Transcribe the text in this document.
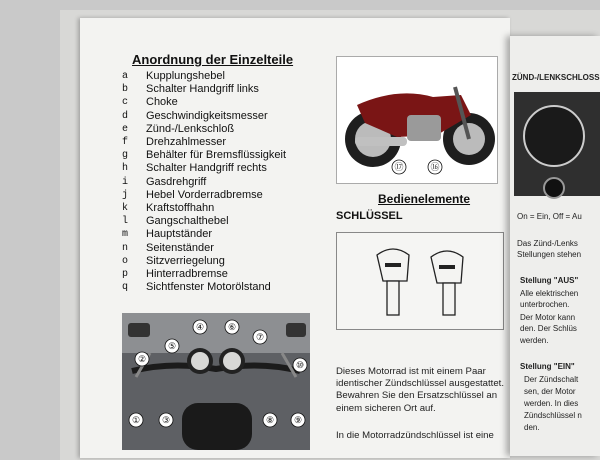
Anordnung der Einzelteile
a	Kupplungshebel
b	Schalter Handgriff links
c	Choke
d	Geschwindigkeitsmesser
e	Zünd-/Lenkschloß
f	Drehzahlmesser
g	Behälter für Bremsflüssigkeit
h	Schalter Handgriff rechts
i	Gasdrehgriff
j	Hebel Vorderradbremse
k	Kraftstoffhahn
l	Gangschalthebel
m	Hauptständer
n	Seitenständer
o	Sitzverriegelung
p	Hinterradbremse
q	Sichtfenster Motorölstand
①
②
③
④
⑤
⑥
⑦
⑧ ⑨
⑩
⑰	⑯
Bedienelemente
SCHLÜSSEL

Dieses Motorrad ist mit einem Paar identischer Zündschlüssel ausgestattet. Bewahren Sie den Ersatzschlüssel an einem sicheren Ort auf.

In die Motorradzündschlüssel ist eine

ZÜND-/LENKSCHLOSS
On = Ein, Off = Au
Das Zünd-/Lenks
Stellungen stehen
Stellung "AUS"
Alle elektrischen
unterbrochen.
Der Motor kann
den. Der Schlüs
werden.
Stellung "EIN"
Der Zündschalt
sen, der Motor
werden. In dies
Zündschlüssel n
den.
